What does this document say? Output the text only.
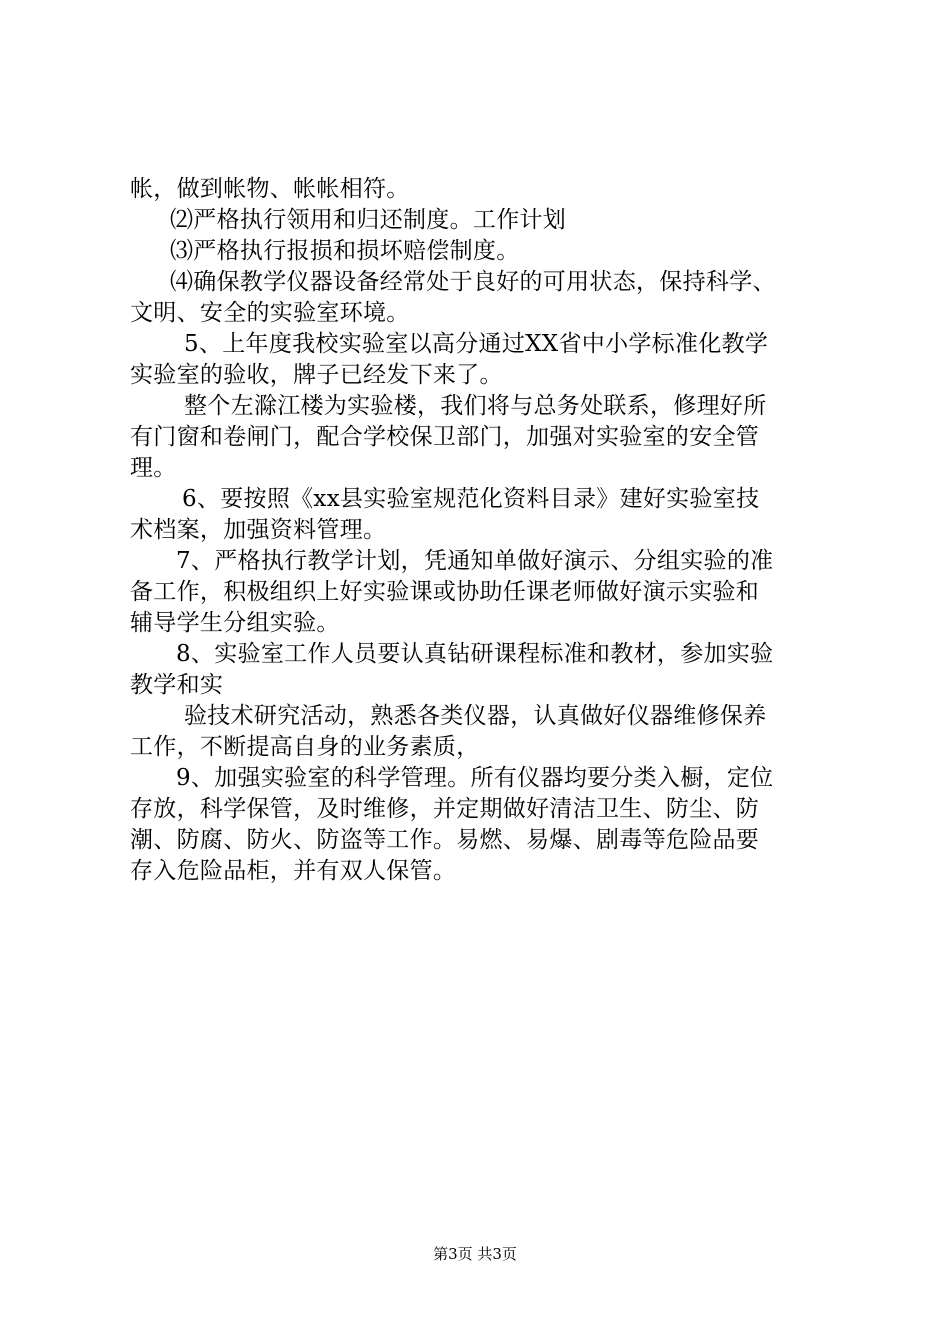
帐，做到帐物、帐帐相符。
⑵严格执行领用和归还制度。工作计划
⑶严格执行报损和损坏赔偿制度。
⑷确保教学仪器设备经常处于良好的可用状态，保持科学、
文明、安全的实验室环境。
5、上年度我校实验室以高分通过XX省中小学标准化教学
实验室的验收，牌子已经发下来了。
整个左滁江楼为实验楼，我们将与总务处联系，修理好所
有门窗和卷闸门，配合学校保卫部门，加强对实验室的安全管
理。
6、要按照《xx县实验室规范化资料目录》建好实验室技
术档案，加强资料管理。
7、严格执行教学计划，凭通知单做好演示、分组实验的准
备工作，积极组织上好实验课或协助任课老师做好演示实验和
辅导学生分组实验。
8、实验室工作人员要认真钻研课程标准和教材，参加实验
教学和实
验技术研究活动，熟悉各类仪器，认真做好仪器维修保养
工作，不断提高自身的业务素质，
9、加强实验室的科学管理。所有仪器均要分类入橱，定位
存放，科学保管，及时维修，并定期做好清洁卫生、防尘、防
潮、防腐、防火、防盗等工作。易燃、易爆、剧毒等危险品要
存入危险品柜，并有双人保管。
第3页 共3页
